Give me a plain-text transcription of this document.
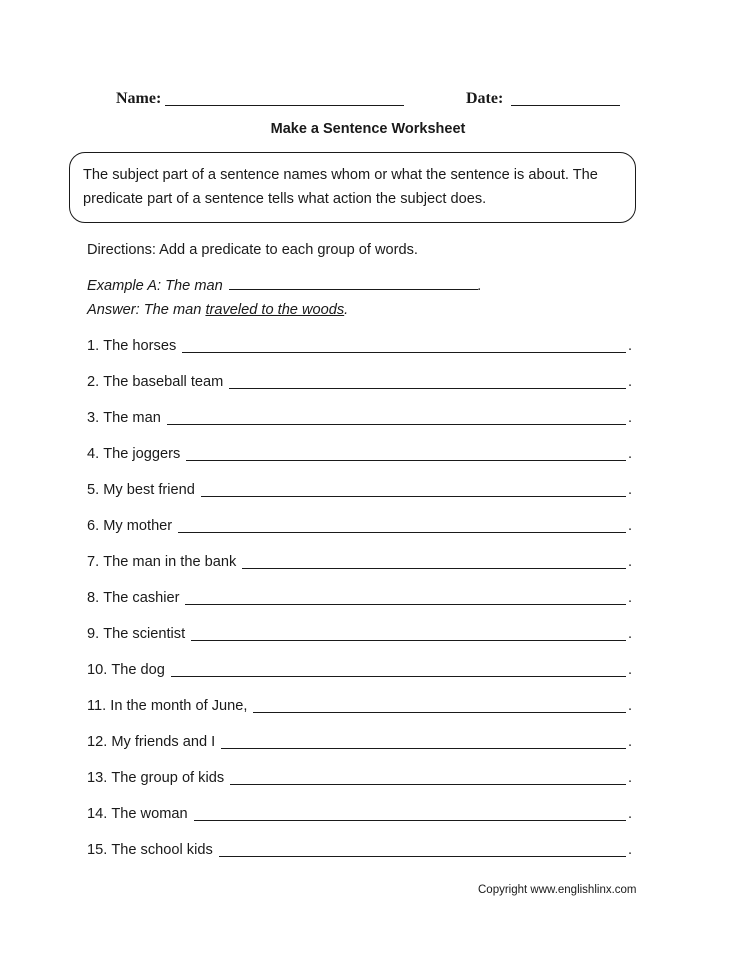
Name:	Date:
Make a Sentence Worksheet
The subject part of a sentence names whom or what the sentence is about. The
predicate part of a sentence tells what action the subject does.
Directions: Add a predicate to each group of words.
Example A: The man	.
Answer: The man traveled to the woods.
1.
The horses	.
2.
The baseball team	.
3.
The man	.
4.
The joggers	.
5.
My best friend	.
6.
My mother	.
7.
The man in the bank	.
8.
The cashier	.
9.
The scientist	.
10.
The dog	.
11.
In the month of June,	.
12.
My friends and I	.
13.
The group of kids	.
14.
The woman	.
15.
The school kids	.
Copyright www.englishlinx.com
